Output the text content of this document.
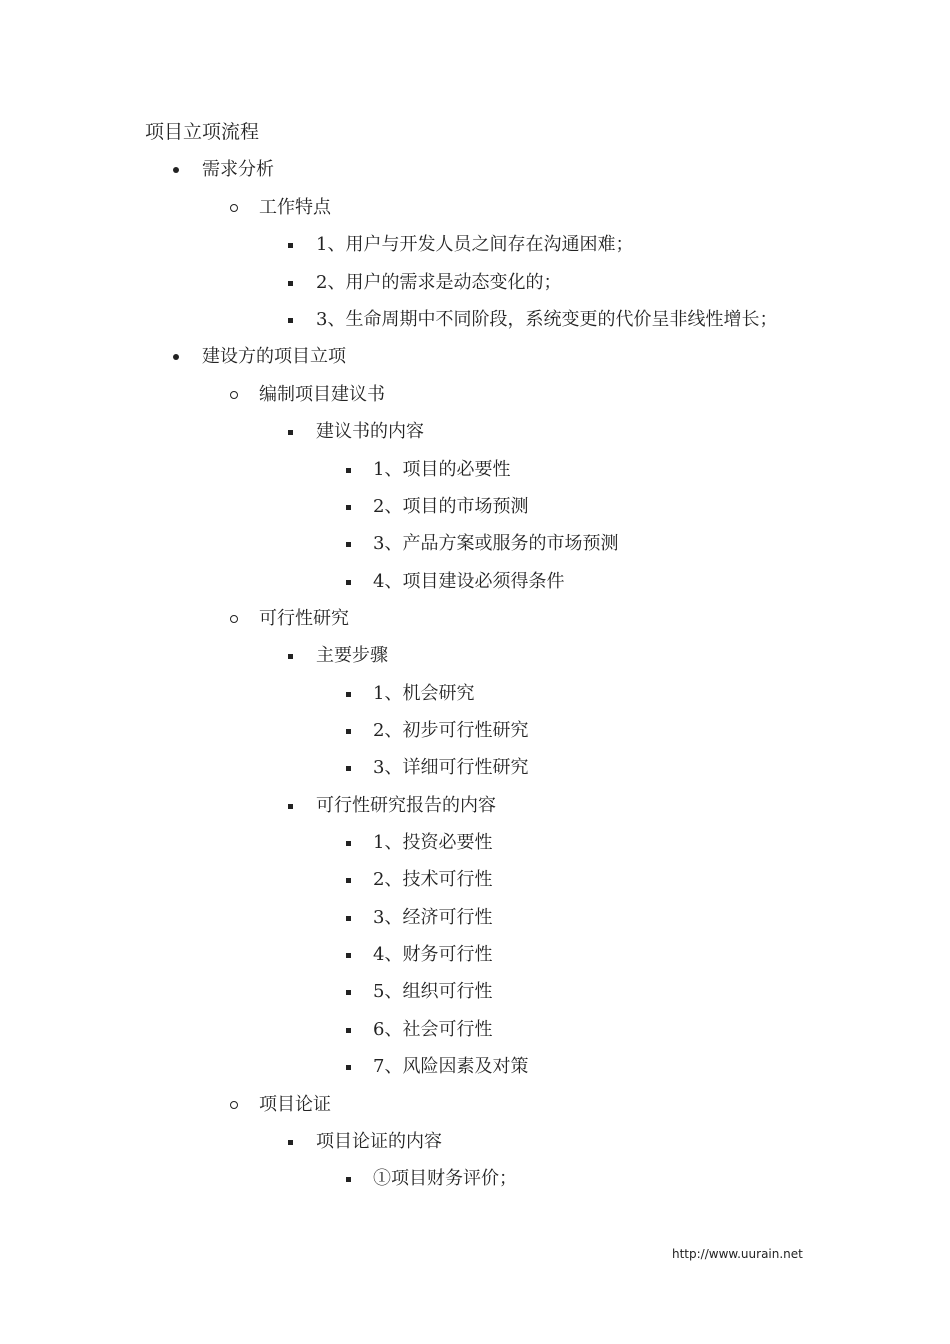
项目立项流程
需求分析
工作特点
1、用户与开发人员之间存在沟通困难；
2、用户的需求是动态变化的；
3、生命周期中不同阶段，系统变更的代价呈非线性增长；
建设方的项目立项
编制项目建议书
建议书的内容
1、项目的必要性
2、项目的市场预测
3、产品方案或服务的市场预测
4、项目建设必须得条件
可行性研究
主要步骤
1、机会研究
2、初步可行性研究
3、详细可行性研究
可行性研究报告的内容
1、投资必要性
2、技术可行性
3、经济可行性
4、财务可行性
5、组织可行性
6、社会可行性
7、风险因素及对策
项目论证
项目论证的内容
①项目财务评价；
http://www.uurain.net
